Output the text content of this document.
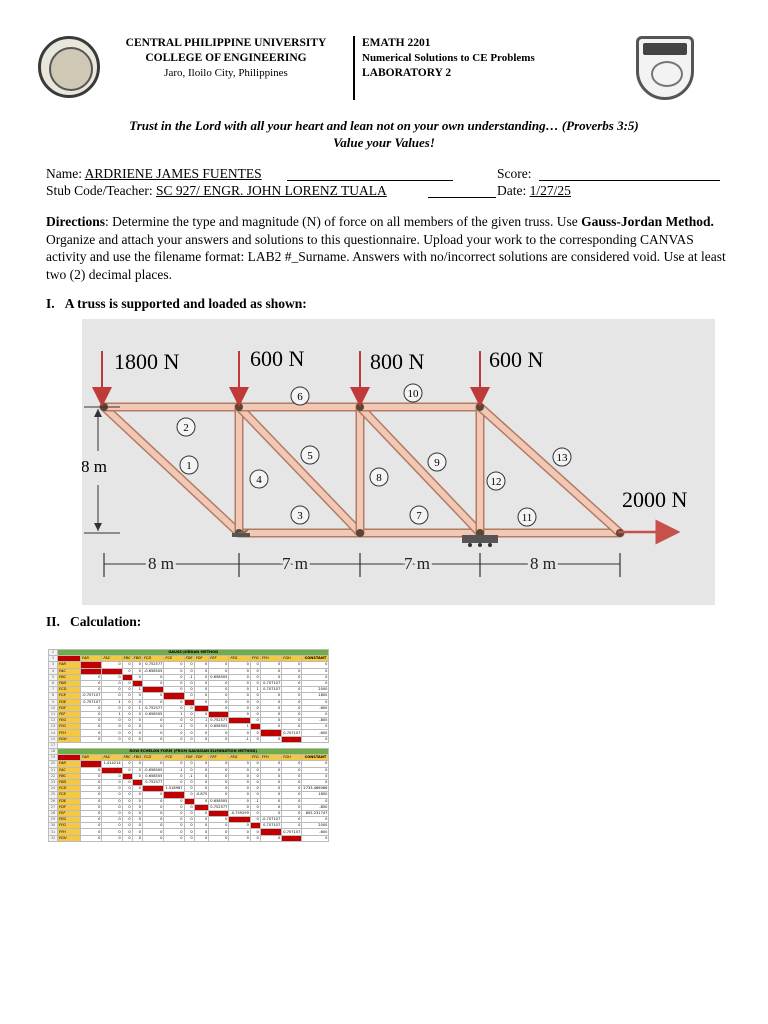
CENTRAL PHILIPPINE UNIVERSITY
COLLEGE OF ENGINEERING
Jaro, Iloilo City, Philippines
EMATH 2201
Numerical Solutions to CE Problems
LABORATORY 2
Trust in the Lord with all your heart and lean not on your own understanding… (Proverbs 3:5)
Value your Values!
Name: ARDRIENE JAMES FUENTES	Score:
Stub Code/Teacher: SC 927/ ENGR. JOHN LORENZ TUALA	Date: 1/27/25
Directions: Determine the type and magnitude (N) of force on all members of the given truss. Use Gauss-Jordan Method. Organize and attach your answers and solutions to this questionnaire. Upload your work to the corresponding CANVAS activity and use the filename format: LAB2 #_Surname. Answers with no/incorrect solutions are considered void. Use at least two (2) decimal places.
I. A truss is supported and loaded as shown:
1800 N	600 N	800 N	600 N
2000 N
8 m
8 m	7 m	7 m	8 m
1
2
3
4
5
6
7
8
9
10
11
12
13
II. Calculation:
2	GAUSS-JORDAN METHOD														
3		FAB	FAC	FBC	FBD	FCD	FCE	FDE	FDF	FEF	FEG	FFG	FFH	FGH	CONSTANT
3	FAB		0	0	0	0.752577	0	0	0	0	0	0	0	0	0
4	FAC			0	0	-0.658505	0	0	0	0	0	0	0	0	0
5	FBC	0	0		0	0	0	-1	0	0.658505	0	0	0	0	0
6	FBD	0	0	0		0	0	0	0	0	0	0	0.707107	0	0
7	FCD	0	0	0	1		0	0	0	0	0	1	0.707107	0	2000
8	FCE	-0.707107	0	0	0	0		0	0	0	0	0	0	0	1800
9	FDE	0.707107	1	0	0	0	0		0	0	0	0	0	0	0
10	FDF	0	0	0	1	0.752577	0	0		0	0	0	0	0	-600
11	FEF	0	1	0	0	0.658505	1	0	0		0	0	0	0	0
12	FEG	0	0	0	0	0	0	0	1	0.752577		0	0	0	-800
13	FFG	0	0	0	0	0	-1	0	0	0.658505	1		0	0	0
14	FFH	0	0	0	0	0	0	0	0	0	0	0		0.707107	-600
15	FGH	0	0	0	0	0	0	0	0	0	-1	0	0		0
17															
18	ROW ECHELON FORM (FROM GAUSSIAN ELIMINATION METHOD)														
19		FAB	FAC	FBC	FBD	FCD	FCE	FDE	FDF	FEF	FEG	FFG	FFH	FGH	CONSTANT
20	FAB		1.414214	0	0	0	0	0	0	0	0	0	0	0	0
21	FAC	0		0	0	-0.658505	-1	0	0	0	0	0	0	0	0
22	FBC	0	0		0	0.658505	0	-1	0	0	0	0	0	0	0
23	FBD	0	0	0		0.752577	0	0	0	0	0	0	0	0	0
24	FCD	0	0	0	0		1.518987	0	0	0	0	0	0	0	2733.466066
25	FCE	0	0	0	0	0		0	-0.875	0	0	0	0	0	1800
26	FDE	0	0	0	0	0	0		0	0.658505	0	-1	0	0	0
27	FDF	0	0	0	0	0	0	0		0.752577	0	0	0	0	-800
28	FEF	0	0	0	0	0	0	0	0		-0.759299	0	0	0	805.231747
29	FEG	0	0	0	0	0	0	0	0	0		0	-0.707107	0	0
30	FFG	0	0	0	0	0	0	0	0	0	0		0.707107	0	2000
31	FFH	0	0	0	0	0	0	0	0	0	0	0		0.707107	-600
32	FGH	0	0	0	0	0	0	0	0	0	0	0	0		0
